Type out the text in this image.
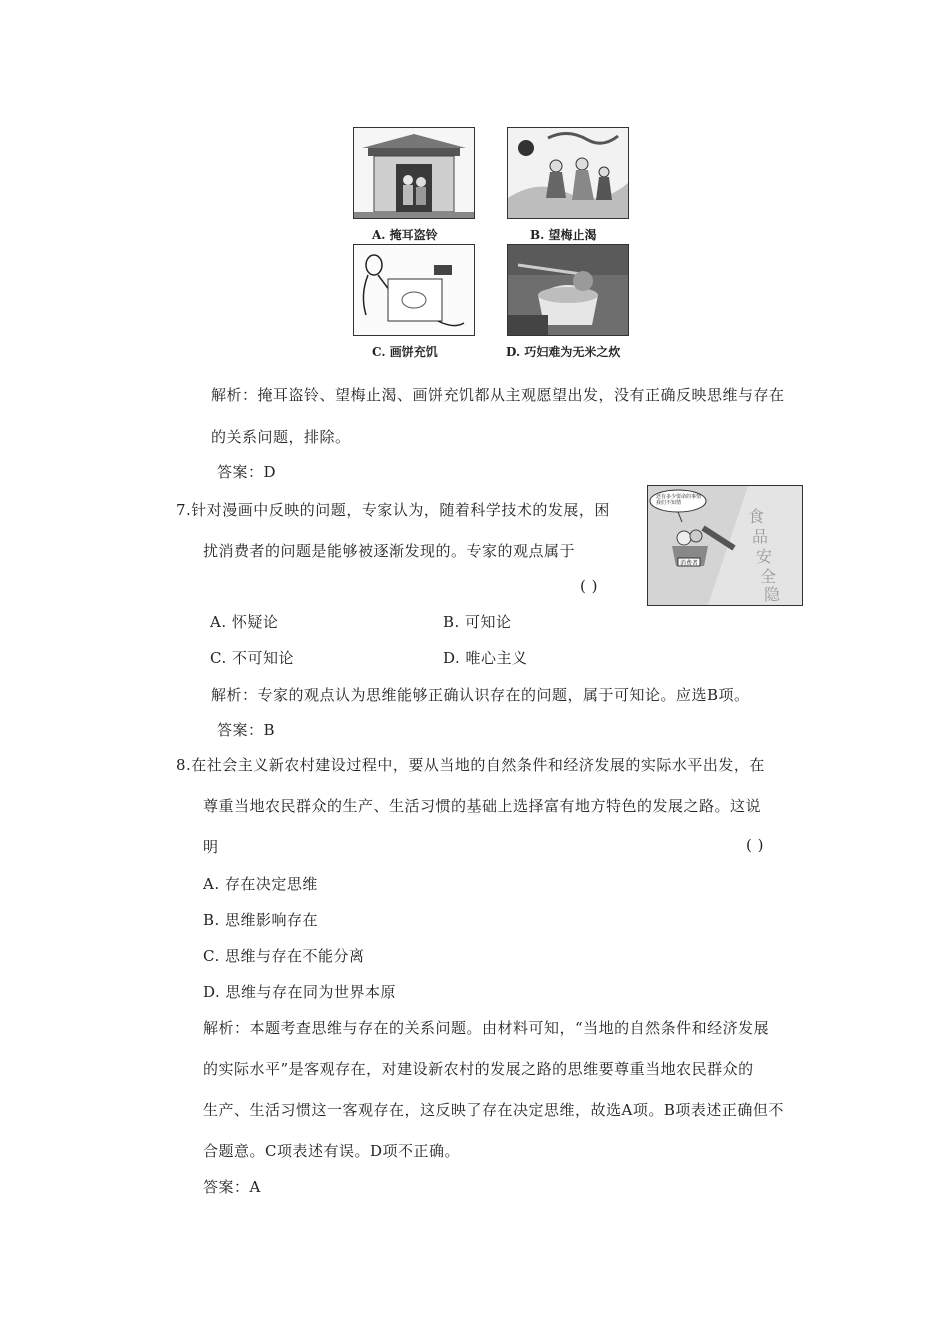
A. 掩耳盗铃	B. 望梅止渴
C. 画饼充饥	D. 巧妇难为无米之炊
解析：掩耳盗铃、望梅止渴、画饼充饥都从主观愿望出发，没有正确反映思维与存在
的关系问题，排除。
答案：D
7.针对漫画中反映的问题，专家认为，随着科学技术的发展，困
扰消费者的问题是能够被逐渐发现的。专家的观点属于
( )
食
品
安
全
隐
还有多少要命的事情我们不知情
消费者
A. 怀疑论	B. 可知论
C. 不可知论	D. 唯心主义
解析：专家的观点认为思维能够正确认识存在的问题，属于可知论。应选B项。
答案：B
8.在社会主义新农村建设过程中，要从当地的自然条件和经济发展的实际水平出发，在
尊重当地农民群众的生产、生活习惯的基础上选择富有地方特色的发展之路。这说
明	( )
A. 存在决定思维
B. 思维影响存在
C. 思维与存在不能分离
D. 思维与存在同为世界本原
解析：本题考查思维与存在的关系问题。由材料可知，“当地的自然条件和经济发展
的实际水平”是客观存在，对建设新农村的发展之路的思维要尊重当地农民群众的
生产、生活习惯这一客观存在，这反映了存在决定思维，故选A项。B项表述正确但不
合题意。C项表述有误。D项不正确。
答案：A
